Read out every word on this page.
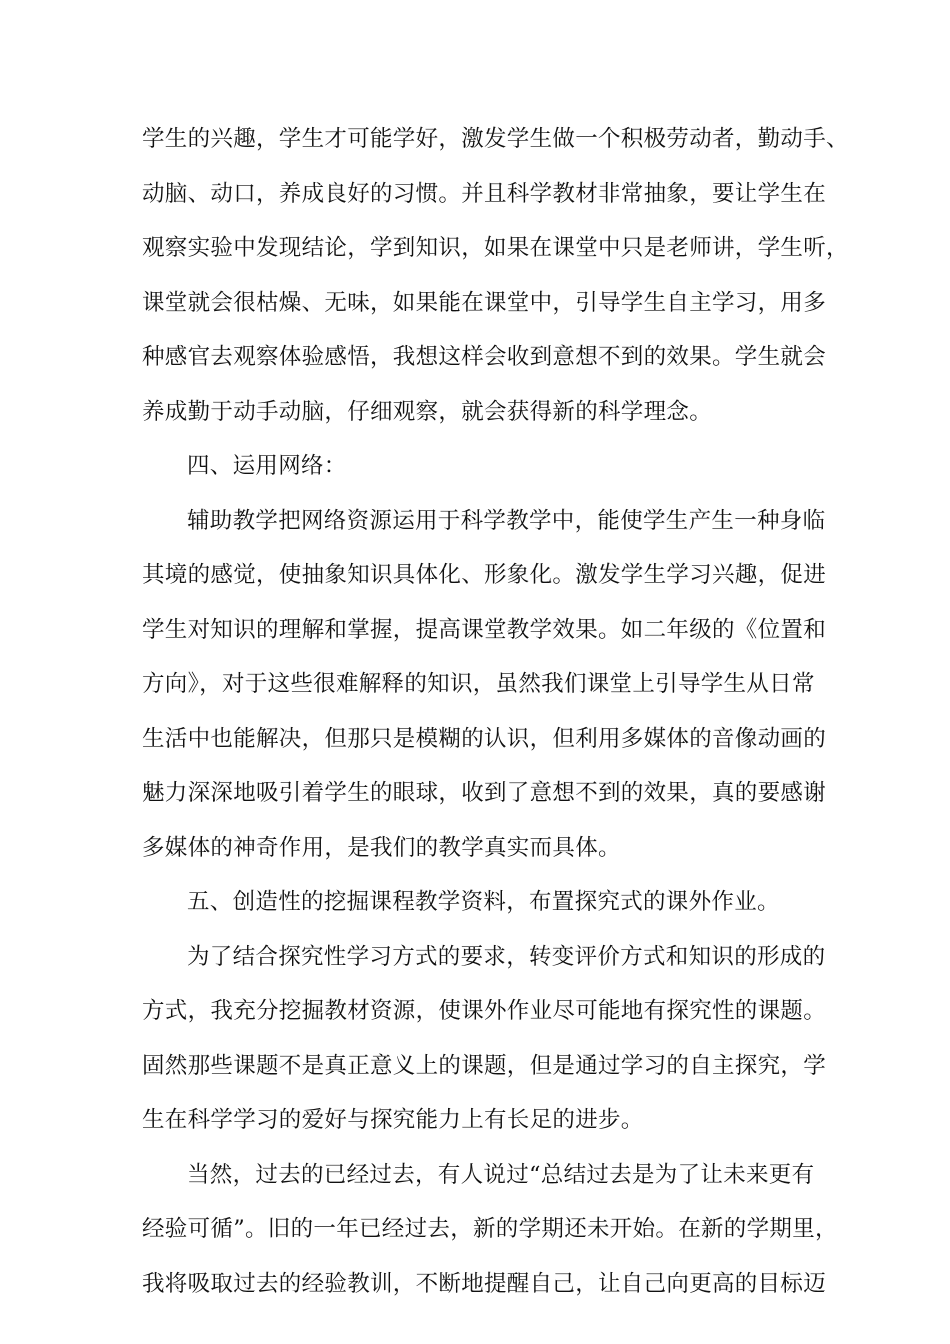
学生的兴趣，学生才可能学好，激发学生做一个积极劳动者，勤动手、
动脑、动口，养成良好的习惯。并且科学教材非常抽象，要让学生在
观察实验中发现结论，学到知识，如果在课堂中只是老师讲，学生听，
课堂就会很枯燥、无味，如果能在课堂中，引导学生自主学习，用多
种感官去观察体验感悟，我想这样会收到意想不到的效果。学生就会
养成勤于动手动脑，仔细观察，就会获得新的科学理念。
四、运用网络：
辅助教学把网络资源运用于科学教学中，能使学生产生一种身临
其境的感觉，使抽象知识具体化、形象化。激发学生学习兴趣，促进
学生对知识的理解和掌握，提高课堂教学效果。如二年级的《位置和
方向》，对于这些很难解释的知识，虽然我们课堂上引导学生从日常
生活中也能解决，但那只是模糊的认识，但利用多媒体的音像动画的
魅力深深地吸引着学生的眼球，收到了意想不到的效果，真的要感谢
多媒体的神奇作用，是我们的教学真实而具体。
五、创造性的挖掘课程教学资料，布置探究式的课外作业。
为了结合探究性学习方式的要求，转变评价方式和知识的形成的
方式，我充分挖掘教材资源，使课外作业尽可能地有探究性的课题。
固然那些课题不是真正意义上的课题，但是通过学习的自主探究，学
生在科学学习的爱好与探究能力上有长足的进步。
当然，过去的已经过去，有人说过“总结过去是为了让未来更有
经验可循”。旧的一年已经过去，新的学期还未开始。在新的学期里，
我将吸取过去的经验教训，不断地提醒自己，让自己向更高的目标迈
